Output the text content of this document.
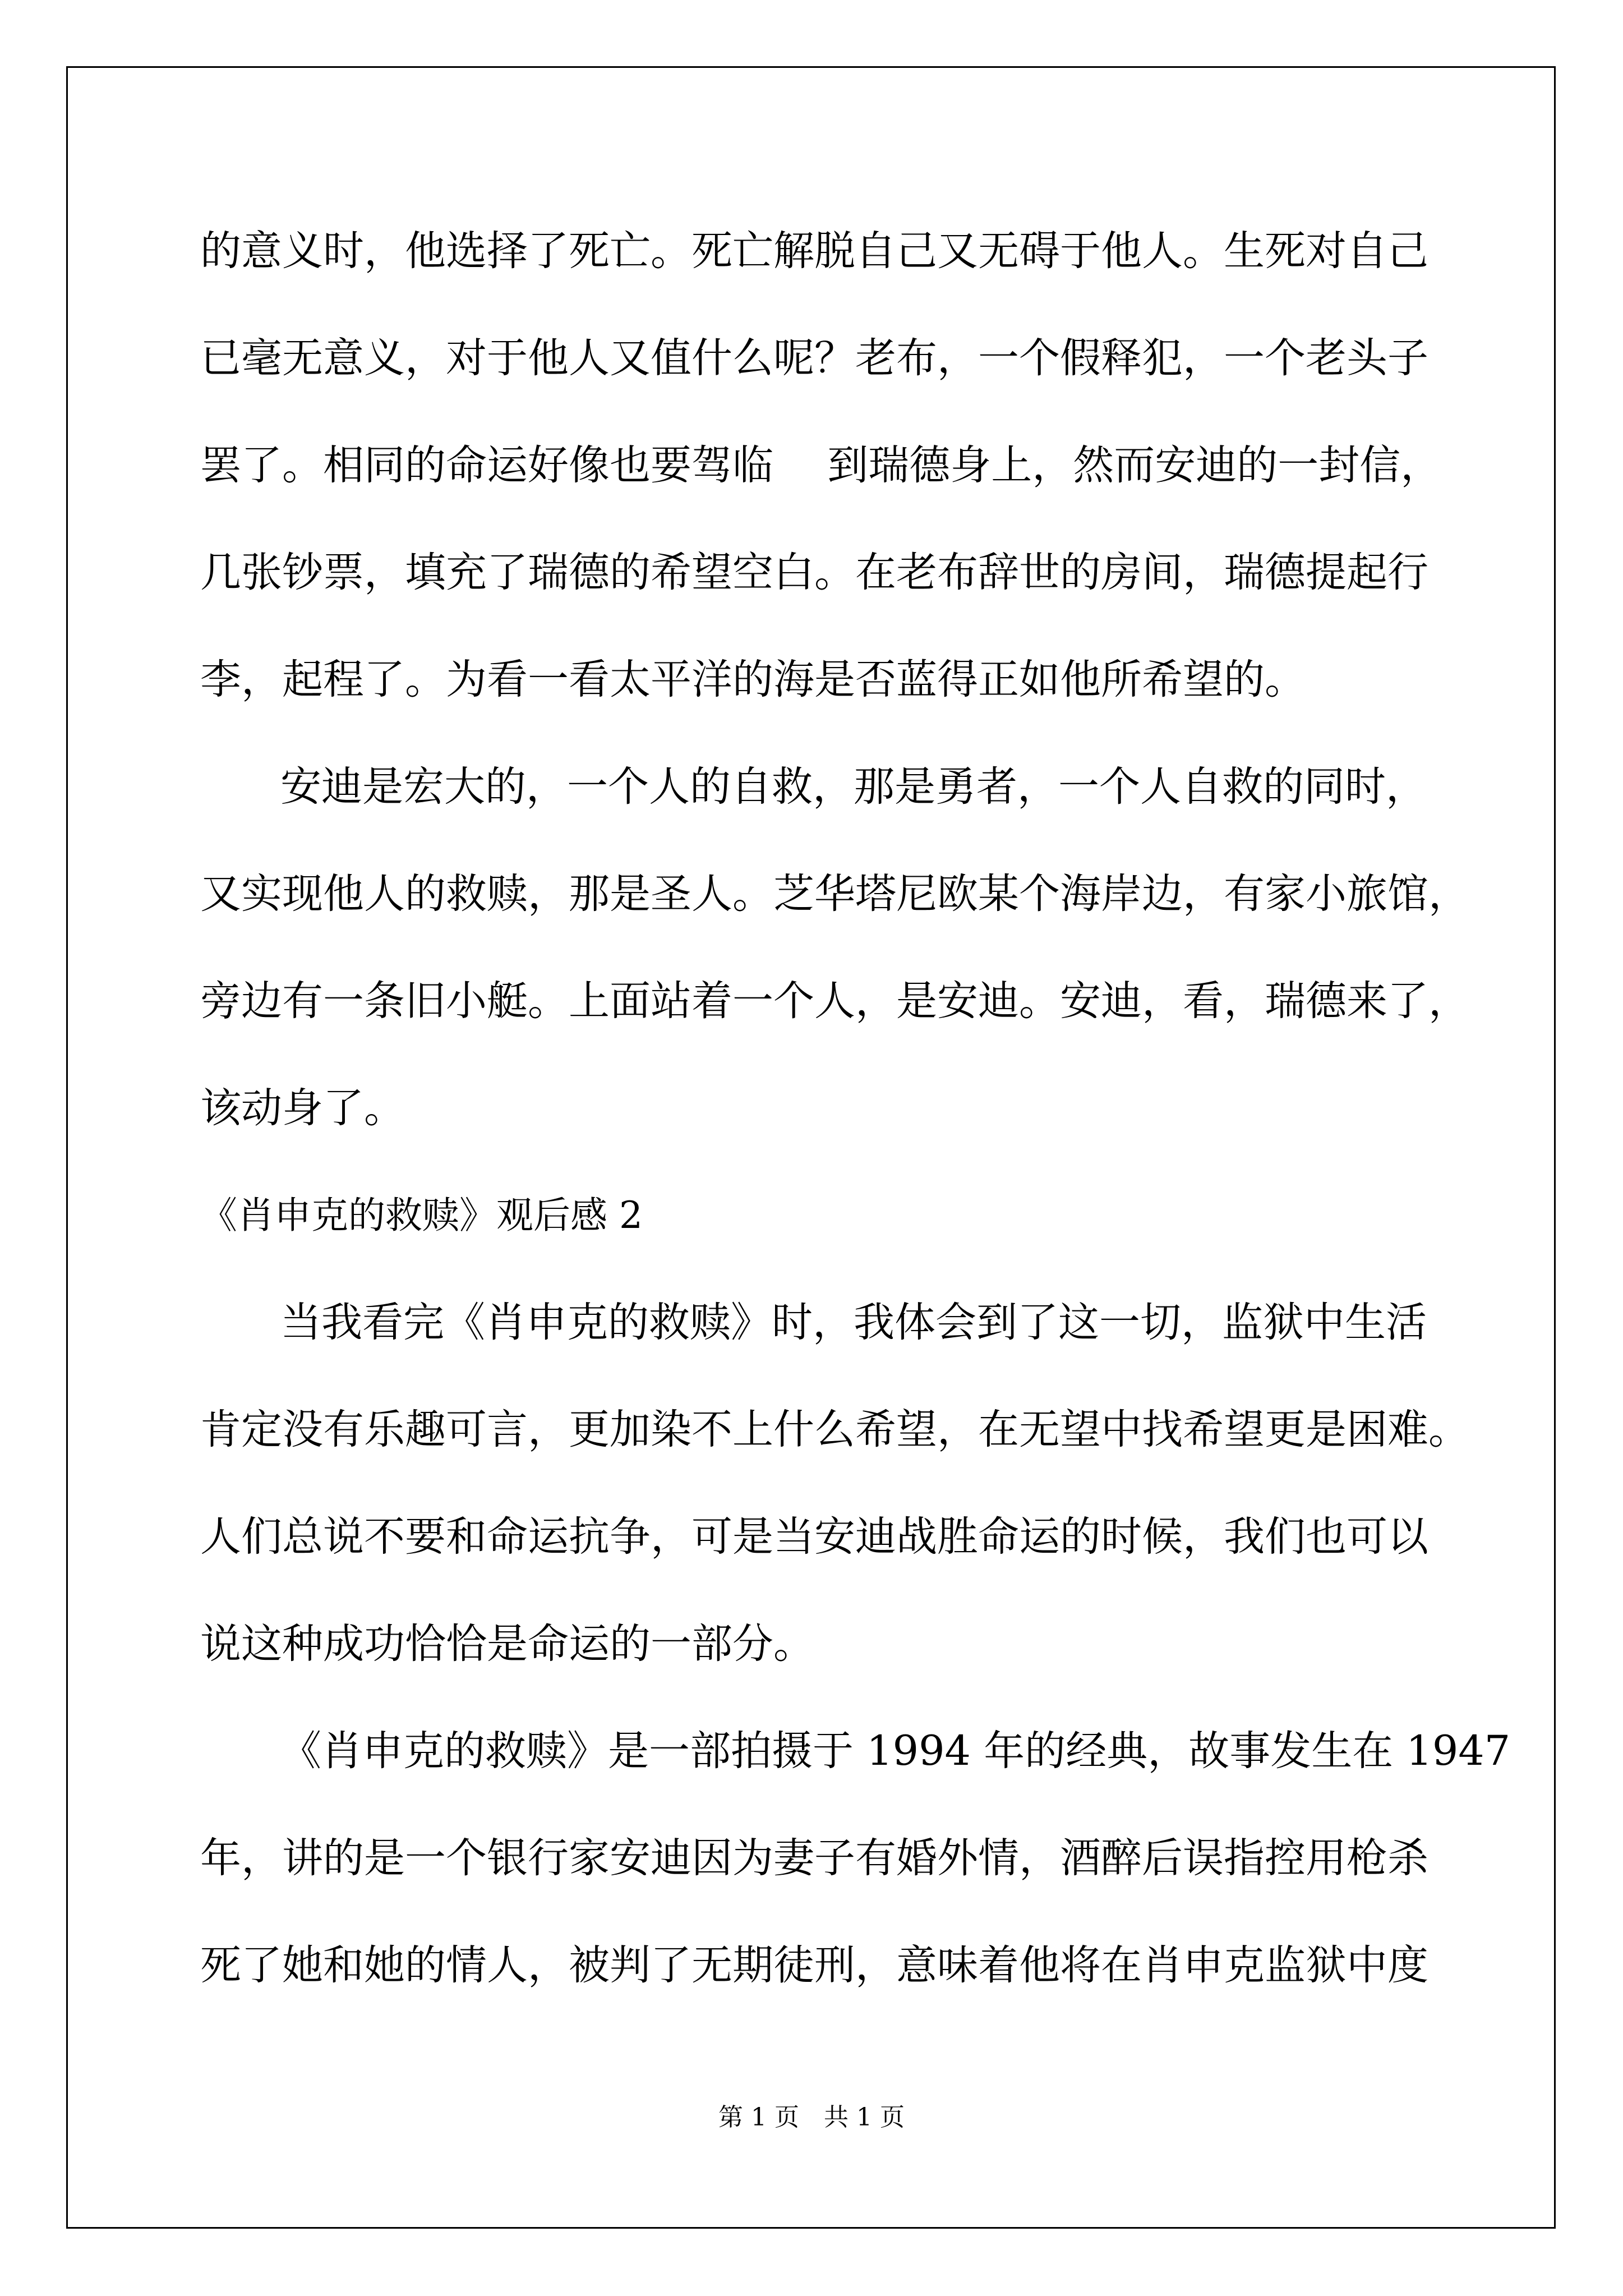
的意义时，他选择了死亡。死亡解脱自己又无碍于他人。生死对自己
已毫无意义，对于他人又值什么呢？老布，一个假释犯，一个老头子
罢了。相同的命运好像也要驾临　 到瑞德身上，然而安迪的一封信，
几张钞票，填充了瑞德的希望空白。在老布辞世的房间，瑞德提起行
李，起程了。为看一看太平洋的海是否蓝得正如他所希望的。
安迪是宏大的，一个人的自救，那是勇者，一个人自救的同时，
又实现他人的救赎，那是圣人。芝华塔尼欧某个海岸边，有家小旅馆，
旁边有一条旧小艇。上面站着一个人，是安迪。安迪，看，瑞德来了，
该动身了。
《肖申克的救赎》观后感 2
当我看完《肖申克的救赎》时，我体会到了这一切，监狱中生活
肯定没有乐趣可言，更加染不上什么希望，在无望中找希望更是困难。
人们总说不要和命运抗争，可是当安迪战胜命运的时候，我们也可以
说这种成功恰恰是命运的一部分。
《肖申克的救赎》是一部拍摄于 1994 年的经典，故事发生在 1947
年，讲的是一个银行家安迪因为妻子有婚外情，酒醉后误指控用枪杀
死了她和她的情人，被判了无期徒刑，意味着他将在肖申克监狱中度
第 1 页　共 1 页
